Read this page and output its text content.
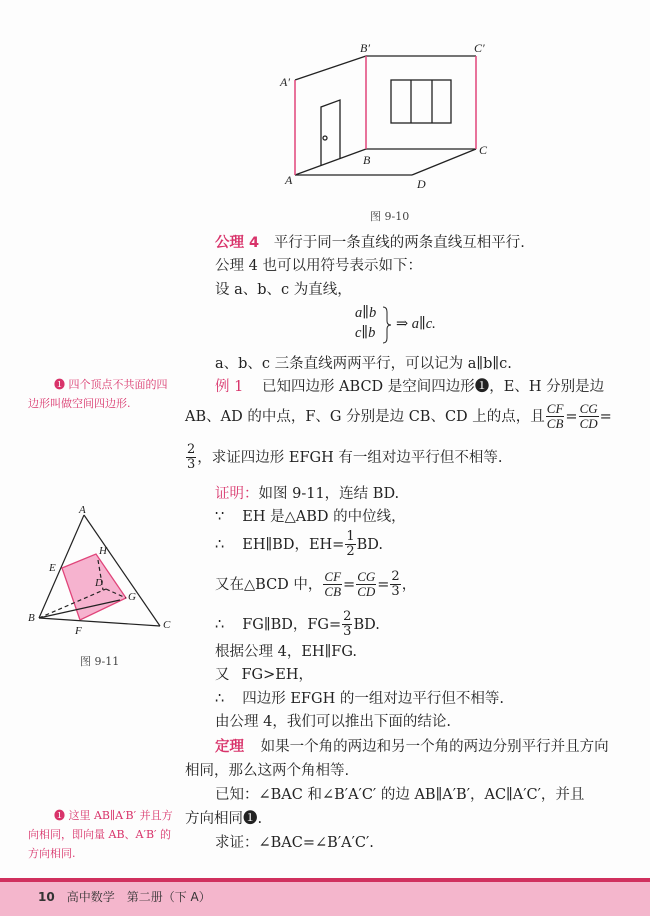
A′
B′	C′
A
B
C
D
图 9-10
公理 4 平行于同一条直线的两条直线互相平行.
公理 4 也可以用符号表示如下：
设 a、b、c 为直线，
a∥b
c∥b
⇒ a∥c.
a、b、c 三条直线两两平行，可以记为 a∥b∥c.
❶ 四个顶点不共面的四
边形叫做空间四边形.
例 1 已知四边形 ABCD 是空间四边形❶，E、H 分别是边
AB、AD 的中点，F、G 分别是边 CB、CD 上的点，且 $\frac{CF}{CB} = \frac{CG}{CD}$ =
$\frac{2}{3}$ ，求证四边形 EFGH 有一组对边平行但不相等.
A
E
H
D
G
B
F	C
图 9-11
证明：如图 9-11，连结 BD.
∵ EH 是△ABD 的中位线，
∴ EH∥BD，$EH= \frac{1}{2}$ BD.
又在△BCD 中， $\frac{CF}{CB} = \frac{CG}{CD} = \frac{2}{3}$ ，
∴ FG∥BD，$FG= \frac{2}{3}$ BD.
根据公理 4，EH∥FG.
又 FG>EH，
∴ 四边形 EFGH 的一组对边平行但不相等.
由公理 4，我们可以推出下面的结论.
定理 如果一个角的两边和另一个角的两边分别平行并且方向
相同，那么这两个角相等.
已知：∠BAC 和∠B′A′C′ 的边 AB∥A′B′，AC∥A′C′，并且
方向相同❶.
求证：∠BAC=∠B′A′C′.
❶ 这里 AB∥A′B′ 并且方
向相同，即向量 AB、A′B′ 的
方向相同.
10 高中数学　第二册（下 A）
